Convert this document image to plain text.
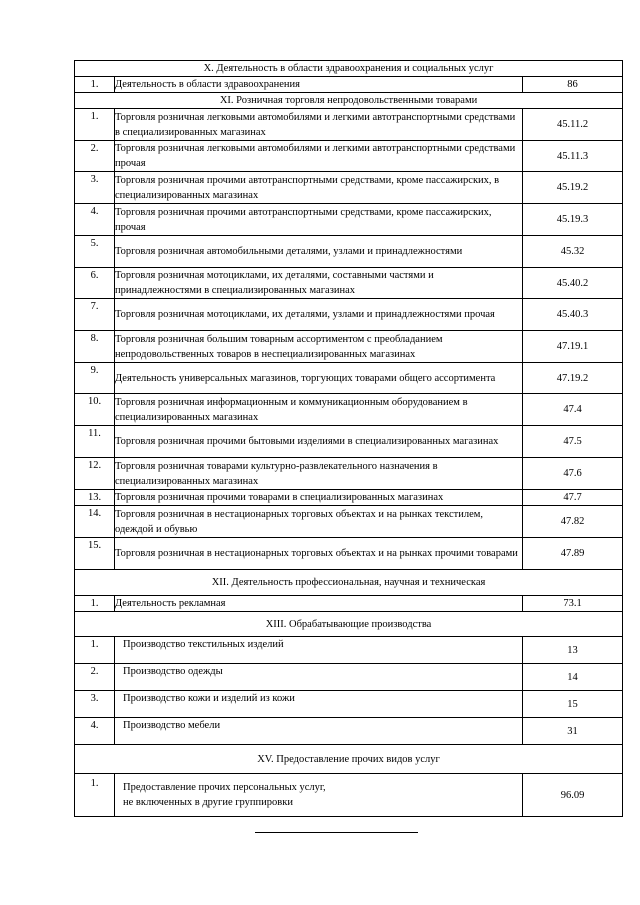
X. Деятельность в области здравоохранения и социальных услуг		
1.	Деятельность в области здравоохранения	86
XI. Розничная торговля непродовольственными товарами		
1.	Торговля розничная легковыми автомобилями и легкими автотранспортными средствами в специализированных магазинах	45.11.2
2.	Торговля розничная легковыми автомобилями и легкими автотранспортными средствами прочая	45.11.3
3.	Торговля розничная прочими автотранспортными средствами, кроме пассажирских, в специализированных магазинах	45.19.2
4.	Торговля розничная прочими автотранспортными средствами, кроме пассажирских, прочая	45.19.3
5.	Торговля розничная автомобильными деталями, узлами и принадлежностями	45.32
6.	Торговля розничная мотоциклами, их деталями, составными частями и принадлежностями в специализированных магазинах	45.40.2
7.	Торговля розничная мотоциклами, их деталями, узлами и принадлежностями прочая	45.40.3
8.	Торговля розничная большим товарным ассортиментом с преобладанием непродовольственных товаров в неспециализированных магазинах	47.19.1
9.	Деятельность универсальных магазинов, торгующих товарами общего ассортимента	47.19.2
10.	Торговля розничная информационным и коммуникационным оборудованием в специализированных магазинах	47.4
11.	Торговля розничная прочими бытовыми изделиями в специализированных магазинах	47.5
12.	Торговля розничная товарами культурно-развлекательного назначения в специализированных магазинах	47.6
13.	Торговля розничная прочими товарами в специализированных магазинах	47.7
14.	Торговля розничная в нестационарных торговых объектах и на рынках текстилем, одеждой и обувью	47.82
15.	Торговля розничная в нестационарных торговых объектах и на рынках прочими товарами	47.89
XII. Деятельность профессиональная, научная и техническая		
1.	Деятельность рекламная	73.1
XIII. Обрабатывающие производства		
1.	Производство текстильных изделий	13
2.	Производство одежды	14
3.	Производство кожи и изделий из кожи	15
4.	Производство мебели	31
XV. Предоставление прочих видов услуг		
1.	Предоставление прочих персональных услуг,
не включенных в другие группировки	96.09
